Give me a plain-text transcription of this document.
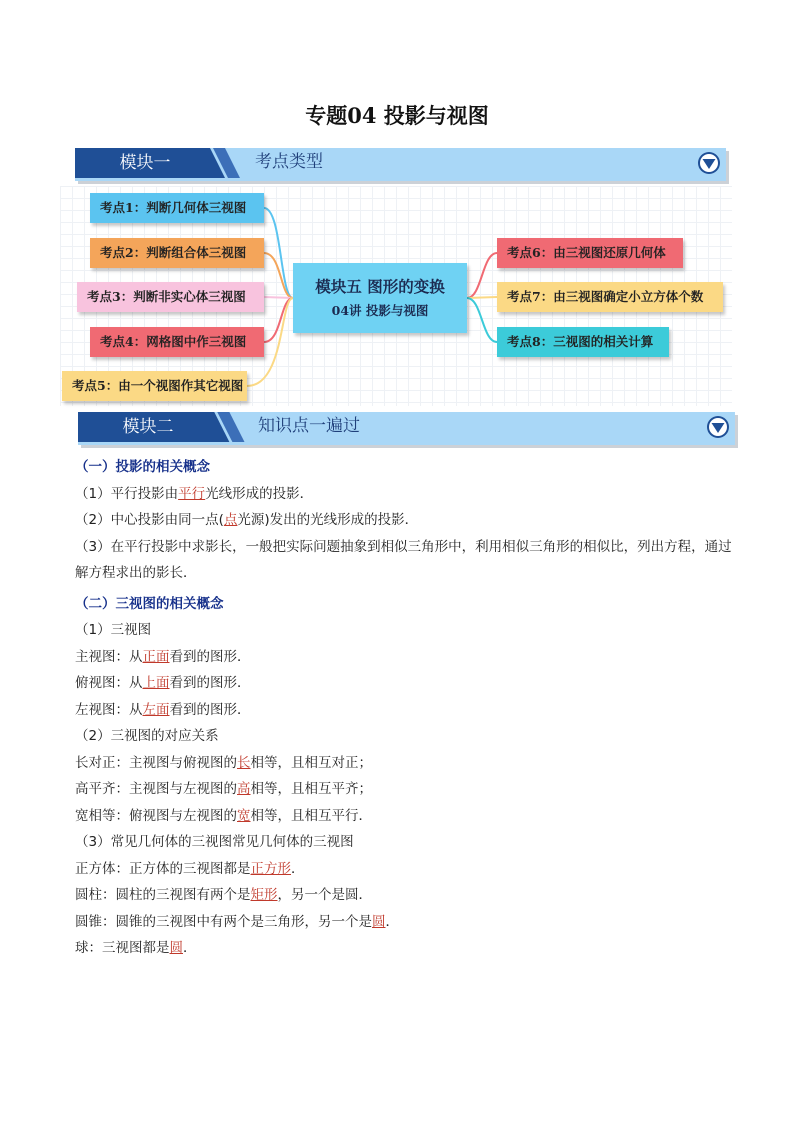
专题04 投影与视图
模块一	考点类型
考点1：判断几何体三视图
考点2：判断组合体三视图
考点3：判断非实心体三视图
考点4：网格图中作三视图
考点5：由一个视图作其它视图
模块五 图形的变换
04讲 投影与视图
考点6：由三视图还原几何体
考点7：由三视图确定小立方体个数
考点8：三视图的相关计算
模块二	知识点一遍过

（一）投影的相关概念

（1）平行投影由平行光线形成的投影．

（2）中心投影由同一点(点光源)发出的光线形成的投影．

（3）在平行投影中求影长，一般把实际问题抽象到相似三角形中，利用相似三角形的相似比，列出方程，通过解方程求出的影长．

（二）三视图的相关概念

（1）三视图

主视图：从正面看到的图形．

俯视图：从上面看到的图形．

左视图：从左面看到的图形．

（2）三视图的对应关系

长对正：主视图与俯视图的长相等，且相互对正；

高平齐：主视图与左视图的高相等，且相互平齐；

宽相等：俯视图与左视图的宽相等，且相互平行．

（3）常见几何体的三视图常见几何体的三视图

正方体：正方体的三视图都是正方形．

圆柱：圆柱的三视图有两个是矩形，另一个是圆．

圆锥：圆锥的三视图中有两个是三角形，另一个是圆．

球：三视图都是圆．
